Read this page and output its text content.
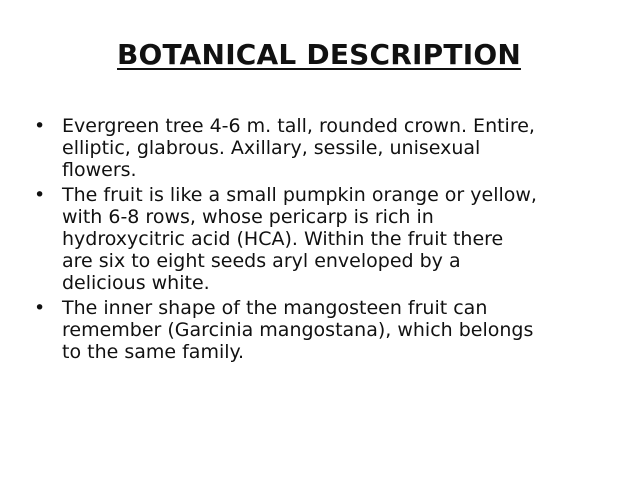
BOTANICAL DESCRIPTION
• Evergreen tree 4-6 m. tall, rounded crown. Entire,
elliptic, glabrous. Axillary, sessile, unisexual
flowers.
• The fruit is like a small pumpkin orange or yellow,
with 6-8 rows, whose pericarp is rich in
hydroxycitric acid (HCA). Within the fruit there
are six to eight seeds aryl enveloped by a
delicious white.
• The inner shape of the mangosteen fruit can
remember (Garcinia mangostana), which belongs
to the same family.
